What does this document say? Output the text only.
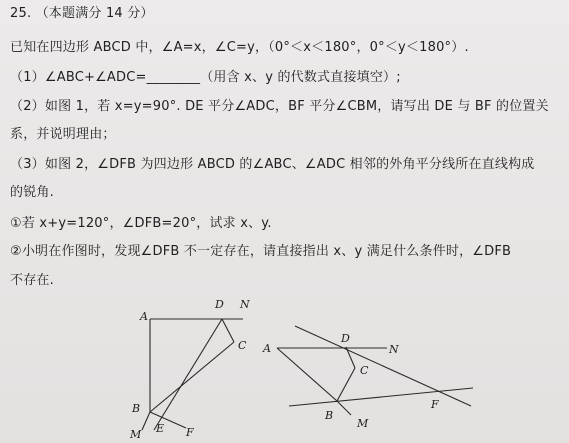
25. （本题满分 14 分）
已知在四边形 ABCD 中，∠A=x，∠C=y，（0°＜x＜180°，0°＜y＜180°）.
（1）∠ABC+∠ADC=________（用含 x、y 的代数式直接填空）;
（2）如图 1，若 x=y=90°. DE 平分∠ADC，BF 平分∠CBM，请写出 DE 与 BF 的位置关
系，并说明理由；
（3）如图 2，∠DFB 为四边形 ABCD 的∠ABC、∠ADC 相邻的外角平分线所在直线构成
的锐角.
①若 x+y=120°，∠DFB=20°，试求 x、y.
②小明在作图时，发现∠DFB 不一定存在，请直接指出 x、y 满足什么条件时，∠DFB
不存在.
A
D N
C
B
M E F
A
D
N
C
B
M
F
